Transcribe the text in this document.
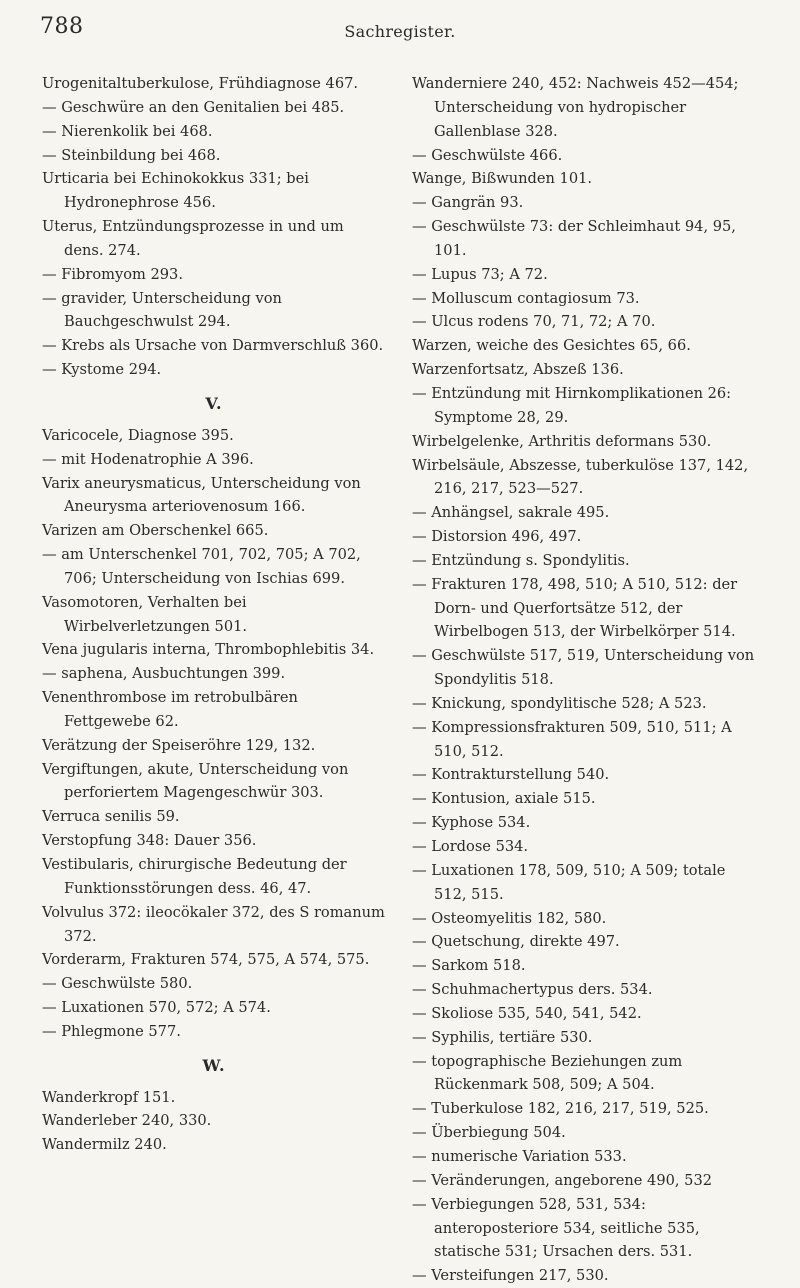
788	Sachregister.
Urogenitaltuberkulose, Frühdiagnose 467.
— Geschwüre an den Genitalien bei 485.
— Nierenkolik bei 468.
— Steinbildung bei 468.
Urticaria bei Echinokokkus 331; bei Hydronephrose 456.
Uterus, Entzündungsprozesse in und um dens. 274.
— Fibromyom 293.
— gravider, Unterscheidung von Bauchgeschwulst 294.
— Krebs als Ursache von Darmverschluß 360.
— Kystome 294.
V.
Varicocele, Diagnose 395.
— mit Hodenatrophie A 396.
Varix aneurysmaticus, Unterscheidung von Aneurysma arteriovenosum 166.
Varizen am Oberschenkel 665.
— am Unterschenkel 701, 702, 705; A 702, 706; Unterscheidung von Ischias 699.
Vasomotoren, Verhalten bei Wirbelverletzungen 501.
Vena jugularis interna, Thrombophlebitis 34.
— saphena, Ausbuchtungen 399.
Venenthrombose im retrobulbären Fettgewebe 62.
Verätzung der Speiseröhre 129, 132.
Vergiftungen, akute, Unterscheidung von perforiertem Magengeschwür 303.
Verruca senilis 59.
Verstopfung 348: Dauer 356.
Vestibularis, chirurgische Bedeutung der Funktionsstörungen dess. 46, 47.
Volvulus 372: ileocökaler 372, des S romanum 372.
Vorderarm, Frakturen 574, 575, A 574, 575.
— Geschwülste 580.
— Luxationen 570, 572; A 574.
— Phlegmone 577.
W.
Wanderkropf 151.
Wanderleber 240, 330.
Wandermilz 240.
Wanderniere 240, 452: Nachweis 452—454; Unterscheidung von hydropischer Gallenblase 328.
— Geschwülste 466.
Wange, Bißwunden 101.
— Gangrän 93.
— Geschwülste 73: der Schleimhaut 94, 95, 101.
— Lupus 73; A 72.
— Molluscum contagiosum 73.
— Ulcus rodens 70, 71, 72; A 70.
Warzen, weiche des Gesichtes 65, 66.
Warzenfortsatz, Abszeß 136.
— Entzündung mit Hirnkomplikationen 26: Symptome 28, 29.
Wirbelgelenke, Arthritis deformans 530.
Wirbelsäule, Abszesse, tuberkulöse 137, 142, 216, 217, 523—527.
— Anhängsel, sakrale 495.
— Distorsion 496, 497.
— Entzündung s. Spondylitis.
— Frakturen 178, 498, 510; A 510, 512: der Dorn- und Querfortsätze 512, der Wirbelbogen 513, der Wirbelkörper 514.
— Geschwülste 517, 519, Unterscheidung von Spondylitis 518.
— Knickung, spondylitische 528; A 523.
— Kompressionsfrakturen 509, 510, 511; A 510, 512.
— Kontrakturstellung 540.
— Kontusion, axiale 515.
— Kyphose 534.
— Lordose 534.
— Luxationen 178, 509, 510; A 509; totale 512, 515.
— Osteomyelitis 182, 580.
— Quetschung, direkte 497.
— Sarkom 518.
— Schuhmachertypus ders. 534.
— Skoliose 535, 540, 541, 542.
— Syphilis, tertiäre 530.
— topographische Beziehungen zum Rückenmark 508, 509; A 504.
— Tuberkulose 182, 216, 217, 519, 525.
— Überbiegung 504.
— numerische Variation 533.
— Veränderungen, angeborene 490, 532
— Verbiegungen 528, 531, 534: anteroposteriore 534, seitliche 535, statische 531; Ursachen ders. 531.
— Versteifungen 217, 530.
